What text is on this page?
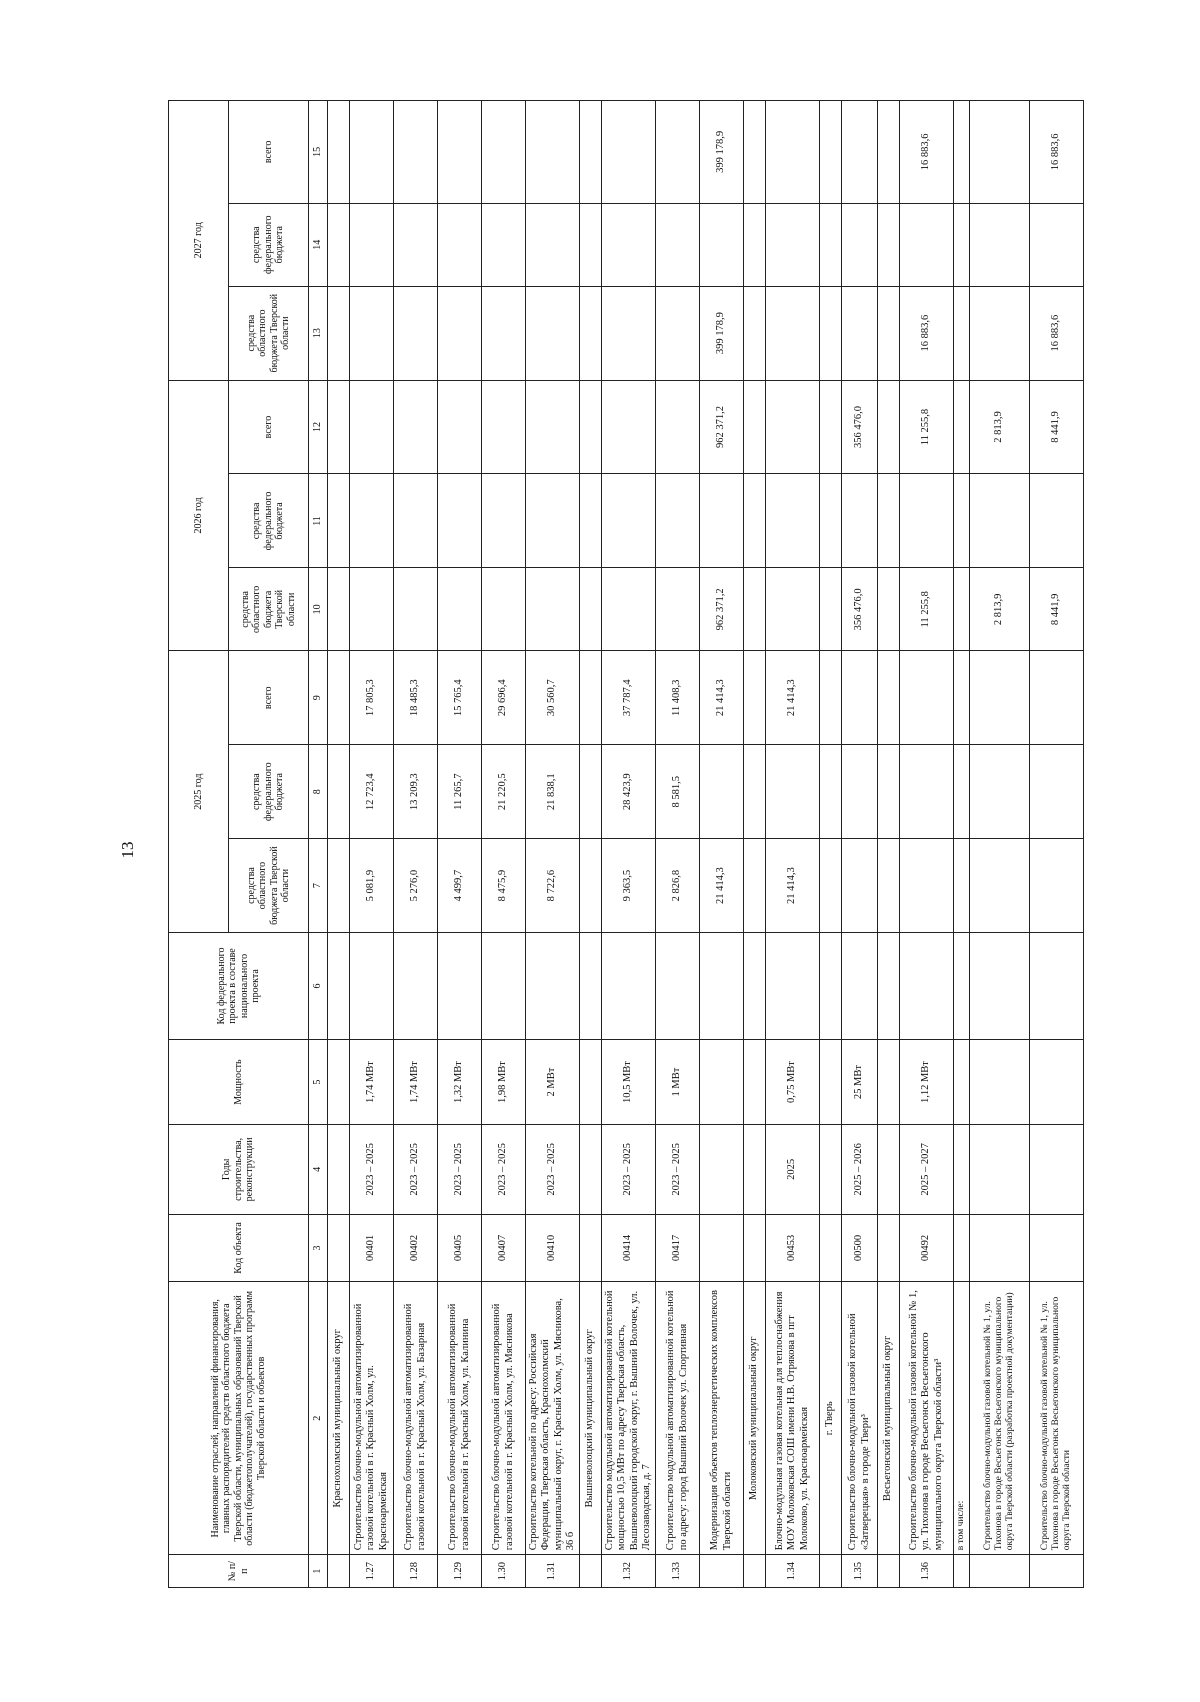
13
№ п/п	Наименование отраслей, направлений финансирования, главных распорядителей средств областного бюджета Тверской области, муниципальных образований Тверской области (бюджетополучателей), государственных программ Тверской области и объектов	Код объекта	Годы строительства, реконструкции	Мощность	Код федерального проекта в составе национального проекта	2025 год			2026 год			2027 год		
						средства областного бюджета Тверской области	средства федерального бюджета	всего	средства областного бюджета Тверской области	средства федерального бюджета	всего	средства областного бюджета Тверской области	средства федерального бюджета	всего
1	2	3	4	5	6	7	8	9	10	11	12	13	14	15
	Краснохолмский муниципальный округ													
1.27	Строительство блочно-модульной автоматизированной газовой котельной в г. Красный Холм, ул. Красноармейская	00401	2023 – 2025	1,74 МВт		5 081,9	12 723,4	17 805,3						
1.28	Строительство блочно-модульной автоматизированной газовой котельной в г. Красный Холм, ул. Базарная	00402	2023 – 2025	1,74 МВт		5 276,0	13 209,3	18 485,3						
1.29	Строительство блочно-модульной автоматизированной газовой котельной в г. Красный Холм, ул. Калинина	00405	2023 – 2025	1,32 МВт		4 499,7	11 265,7	15 765,4						
1.30	Строительство блочно-модульной автоматизированной газовой котельной в г. Красный Холм, ул. Мясникова	00407	2023 – 2025	1,98 МВт		8 475,9	21 220,5	29 696,4						
1.31	Строительство котельной по адресу: Российская Федерация, Тверская область, Краснохолмский муниципальный округ, г. Красный Холм, ул. Мясникова, 36 б	00410	2023 – 2025	2 МВт		8 722,6	21 838,1	30 560,7						
	Вышневолоцкий муниципальный округ													
1.32	Строительство модульной автоматизированной котельной мощностью 10,5 МВт по адресу Тверская область, Вышневолоцкий городской округ, г. Вышний Волочек, ул. Лесозаводская, д. 7	00414	2023 – 2025	10,5 МВт		9 363,5	28 423,9	37 787,4						
1.33	Строительство модульной автоматизированной котельной по адресу: город Вышний Волочек ул. Спортивная	00417	2023 – 2025	1 МВт		2 826,8	8 581,5	11 408,3						
	Модернизация объектов теплоэнергетических комплексов Тверской области					21 414,3		21 414,3	962 371,2		962 371,2	399 178,9		399 178,9
	Молоковский муниципальный округ													
1.34	Блочно-модульная газовая котельная для теплоснабжения МОУ Молоковская СОШ имени Н.В. Отрякова в пгт Молоково, ул. Красноармейская	00453	2025	0,75 МВт		21 414,3		21 414,3						
	г. Тверь													
1.35	Строительство блочно-модульной газовой котельной «Затверецкая» в городе Твери³	00500	2025 – 2026	25 МВт					356 476,0		356 476,0			
	Весьегонский муниципальный округ													
1.36	Строительство блочно-модульной газовой котельной № 1, ул. Тихонова в городе Весьегонск Весьегонского муниципального округа Тверской области³	00492	2025 – 2027	1,12 МВт					11 255,8		11 255,8	16 883,6		16 883,6
	в том числе:													
	Строительство блочно-модульной газовой котельной № 1, ул. Тихонова в городе Весьегонск Весьегонского муниципального округа Тверской области (разработка проектной документации)								2 813,9		2 813,9			
	Строительство блочно-модульной газовой котельной № 1, ул. Тихонова в городе Весьегонск Весьегонского муниципального округа Тверской области								8 441,9		8 441,9	16 883,6		16 883,6
